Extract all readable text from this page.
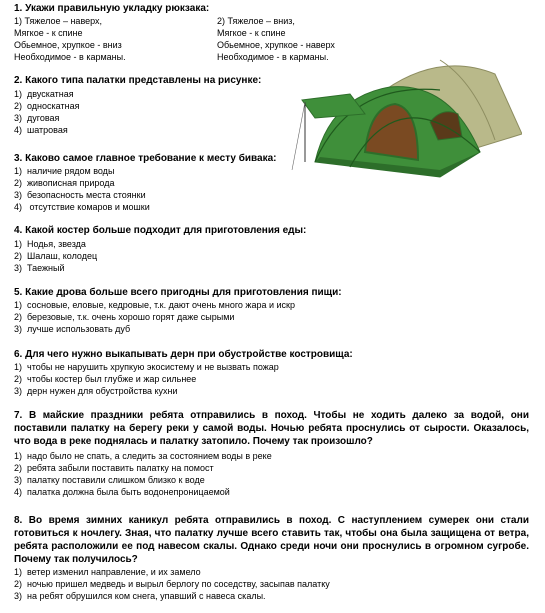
1. Укажи правильную укладку рюкзака:
1) Тяжелое – наверх,
Мягкое - к спине
Обьемное, хрупкое - вниз
Необходимое - в карманы.
2) Тяжелое – вниз,
Мягкое - к спине
Обьемное, хрупкое - наверх
Необходимое - в карманы.
2. Какого типа палатки представлены на рисунке:
1) двускатная
2) односкатная
3) дуговая
4) шатровая
3. Каково самое главное требование к месту бивака:
1) наличие рядом воды
2) живописная природа
3) безопасность места стоянки
4) отсутствие комаров и мошки
4. Какой костер больше подходит для приготовления еды:
1) Нодья, звезда
2) Шалаш, колодец
3) Таежный
5. Какие дрова больше всего пригодны для приготовления пищи:
1) сосновые, еловые, кедровые, т.к. дают очень много жара и искр
2) березовые, т.к. очень хорошо горят даже сырыми
3) лучше использовать дуб
6. Для чего нужно выкапывать дерн при обустройстве костровища:
1) чтобы не нарушить хрупкую экосистему и не вызвать пожар
2) чтобы костер был глубже и жар сильнее
3) дерн нужен для обустройства кухни
7. В майские праздники ребята отправились в поход. Чтобы не ходить далеко за водой, они поставили палатку на берегу реки у самой воды. Ночью ребята проснулись от сырости. Оказалось, что вода в реке поднялась и палатку затопило. Почему так произошло?
1) надо было не спать, а следить за состоянием воды в реке
2) ребята забыли поставить палатку на помост
3) палатку поставили слишком близко к воде
4) палатка должна была быть водонепроницаемой
8. Во время зимних каникул ребята отправились в поход. С наступлением сумерек они стали готовиться к ночлегу. Зная, что палатку лучше всего ставить так, чтобы она была защищена от ветра, ребята расположили ее под навесом скалы. Однако среди ночи они проснулись в огромном сугробе. Почему так получилось?
1) ветер изменил направление, и их замело
2) ночью пришел медведь и вырыл берлогу по соседству, засыпав палатку
3) на ребят обрушился ком снега, упавший с навеса скалы.
